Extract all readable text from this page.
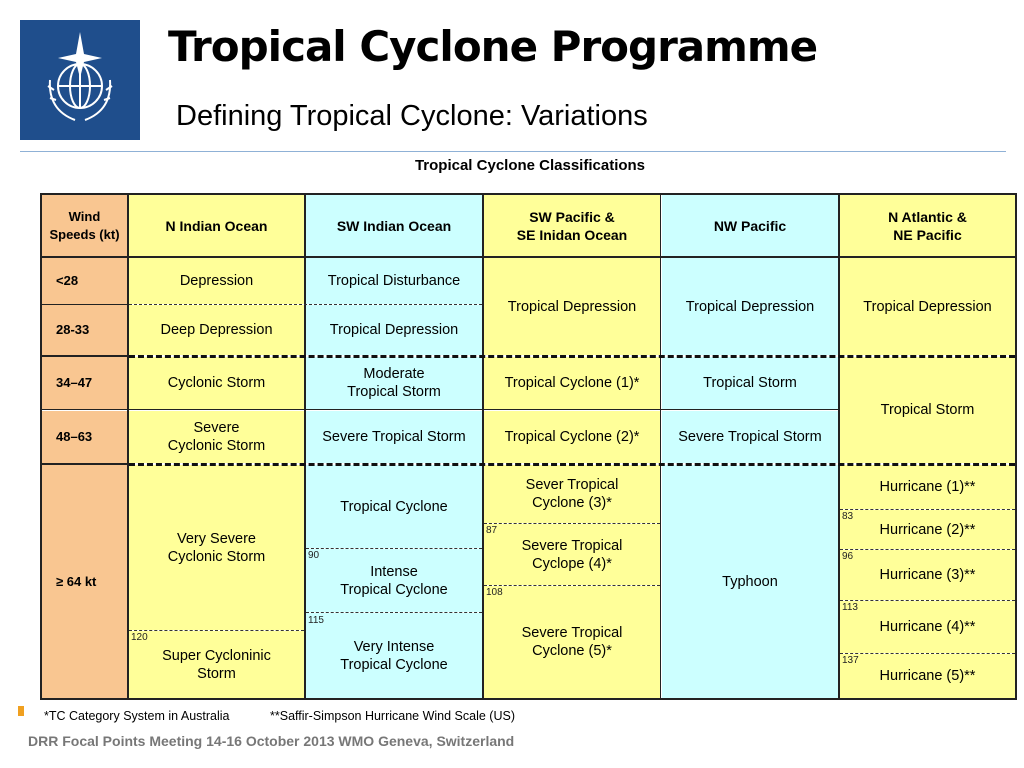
Tropical Cyclone Programme
Defining Tropical Cyclone: Variations
Tropical Cyclone Classifications
Wind
Speeds (kt)
<28
28-33
34–47
48–63
≥ 64 kt
N Indian Ocean
Depression
Deep Depression
Cyclonic Storm
Severe
Cyclonic Storm
Very Severe
Cyclonic Storm
Super Cycloninic
Storm
120
SW Indian Ocean
Tropical Disturbance
Tropical Depression
Moderate
Tropical Storm
Severe Tropical Storm
Tropical Cyclone
Intense
Tropical Cyclone
Very Intense
Tropical Cyclone
90
115
SW Pacific &
SE Inidan Ocean
Tropical Depression
Tropical Cyclone (1)*
Tropical Cyclone (2)*
Sever Tropical
Cyclone (3)*
Severe Tropical
Cyclope (4)*
Severe Tropical
Cyclone (5)*
87
108
NW Pacific
Tropical Depression
Tropical Storm
Severe Tropical Storm
Typhoon
N Atlantic &
NE Pacific
Tropical Depression
Tropical Storm
Hurricane (1)**
Hurricane (2)**
Hurricane (3)**
Hurricane (4)**
Hurricane (5)**
83
96
113
137
*TC Category System in Australia	**Saffir-Simpson Hurricane Wind Scale (US)
DRR Focal Points Meeting 14-16 October 2013 WMO Geneva, Switzerland
